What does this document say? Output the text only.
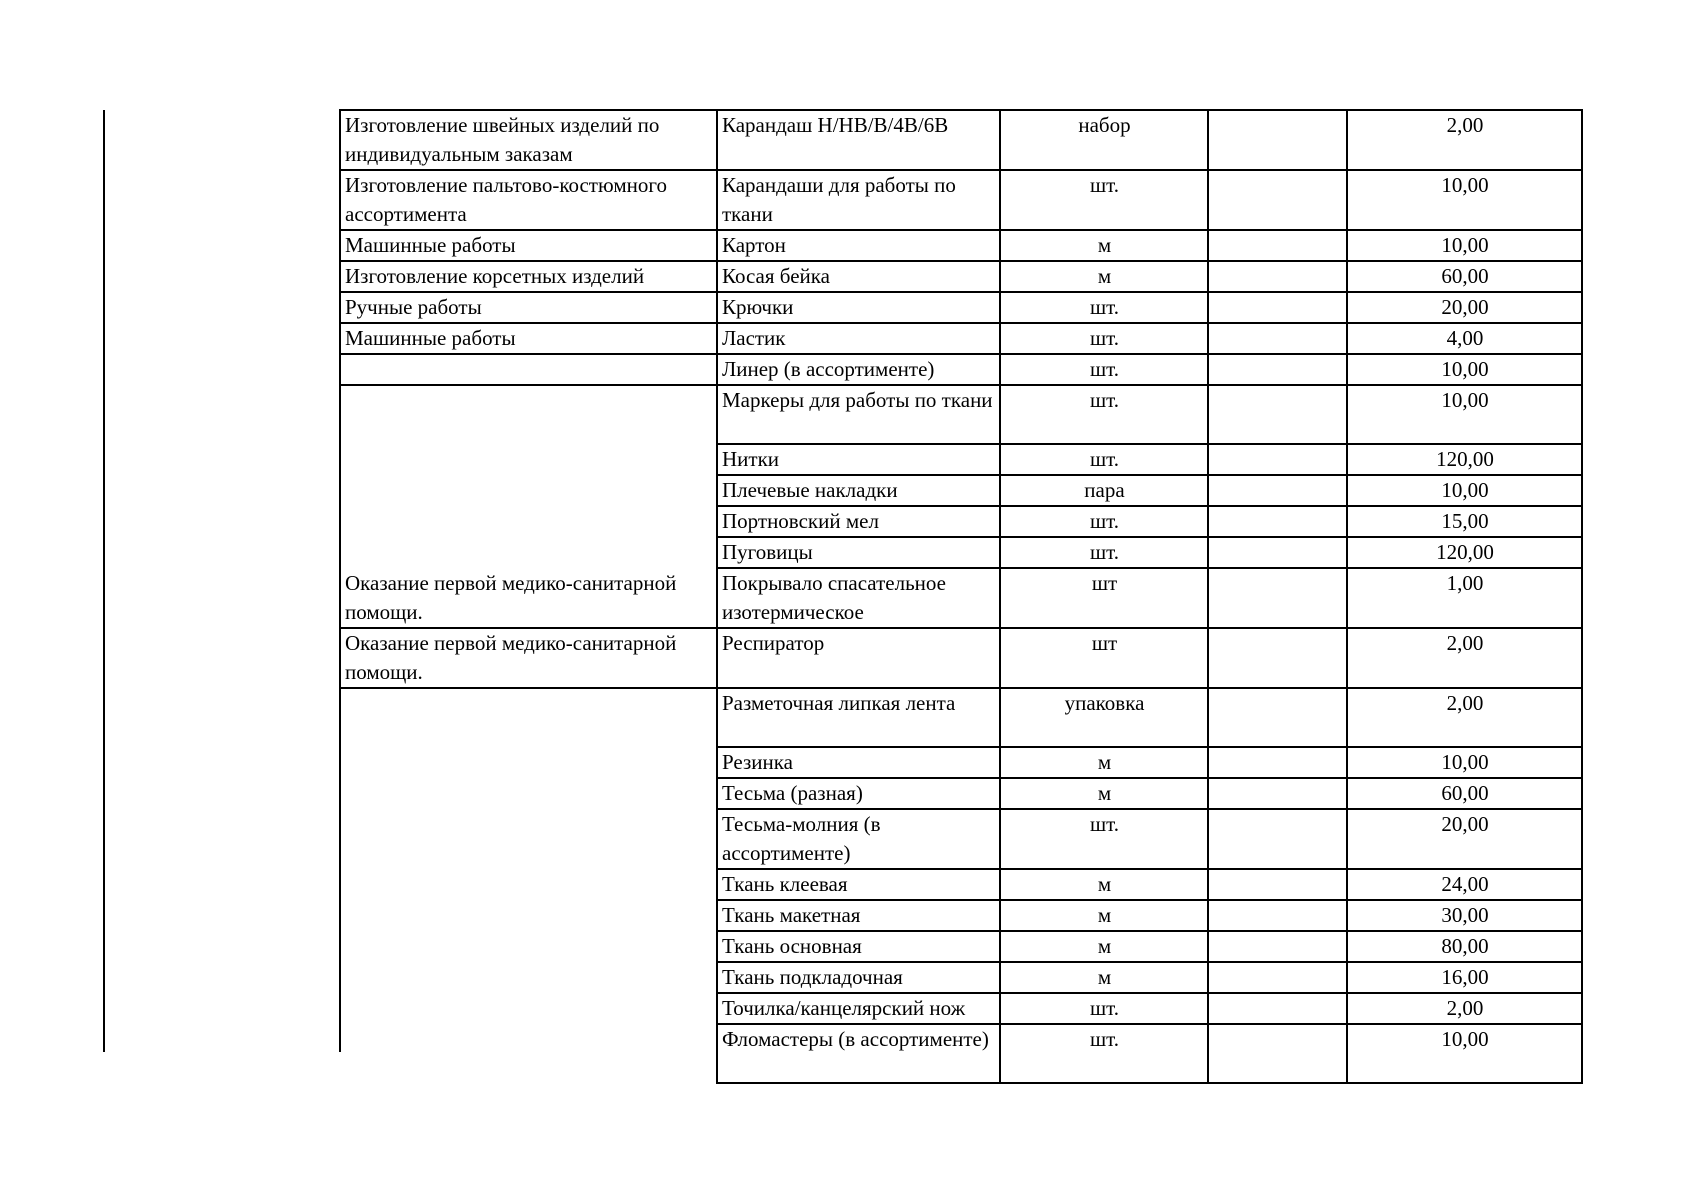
Изготовление швейных изделий по индивидуальным заказам	Карандаш H/HB/B/4B/6B	набор		2,00
Изготовление пальтово-костюмного ассортимента	Карандаши для работы по ткани	шт.		10,00
Машинные работы	Картон	м		10,00
Изготовление корсетных изделий	Косая бейка	м		60,00
Ручные работы	Крючки	шт.		20,00
Машинные работы	Ластик	шт.		4,00
	Линер (в ассортименте)	шт.		10,00
Оказание первой медико-санитарной помощи.	Маркеры для работы по ткани	шт.		10,00
	Нитки	шт.		120,00
	Плечевые накладки	пара		10,00
	Портновский мел	шт.		15,00
	Пуговицы	шт.		120,00
	Покрывало спасательное изотермическое	шт		1,00
Оказание первой медико-санитарной помощи.	Респиратор	шт		2,00
	Разметочная липкая лента	упаковка		2,00
	Резинка	м		10,00
	Тесьма (разная)	м		60,00
	Тесьма-молния (в ассортименте)	шт.		20,00
	Ткань клеевая	м		24,00
	Ткань макетная	м		30,00
	Ткань основная	м		80,00
	Ткань подкладочная	м		16,00
	Точилка/канцелярский нож	шт.		2,00
	Фломастеры (в ассортименте)	шт.		10,00
